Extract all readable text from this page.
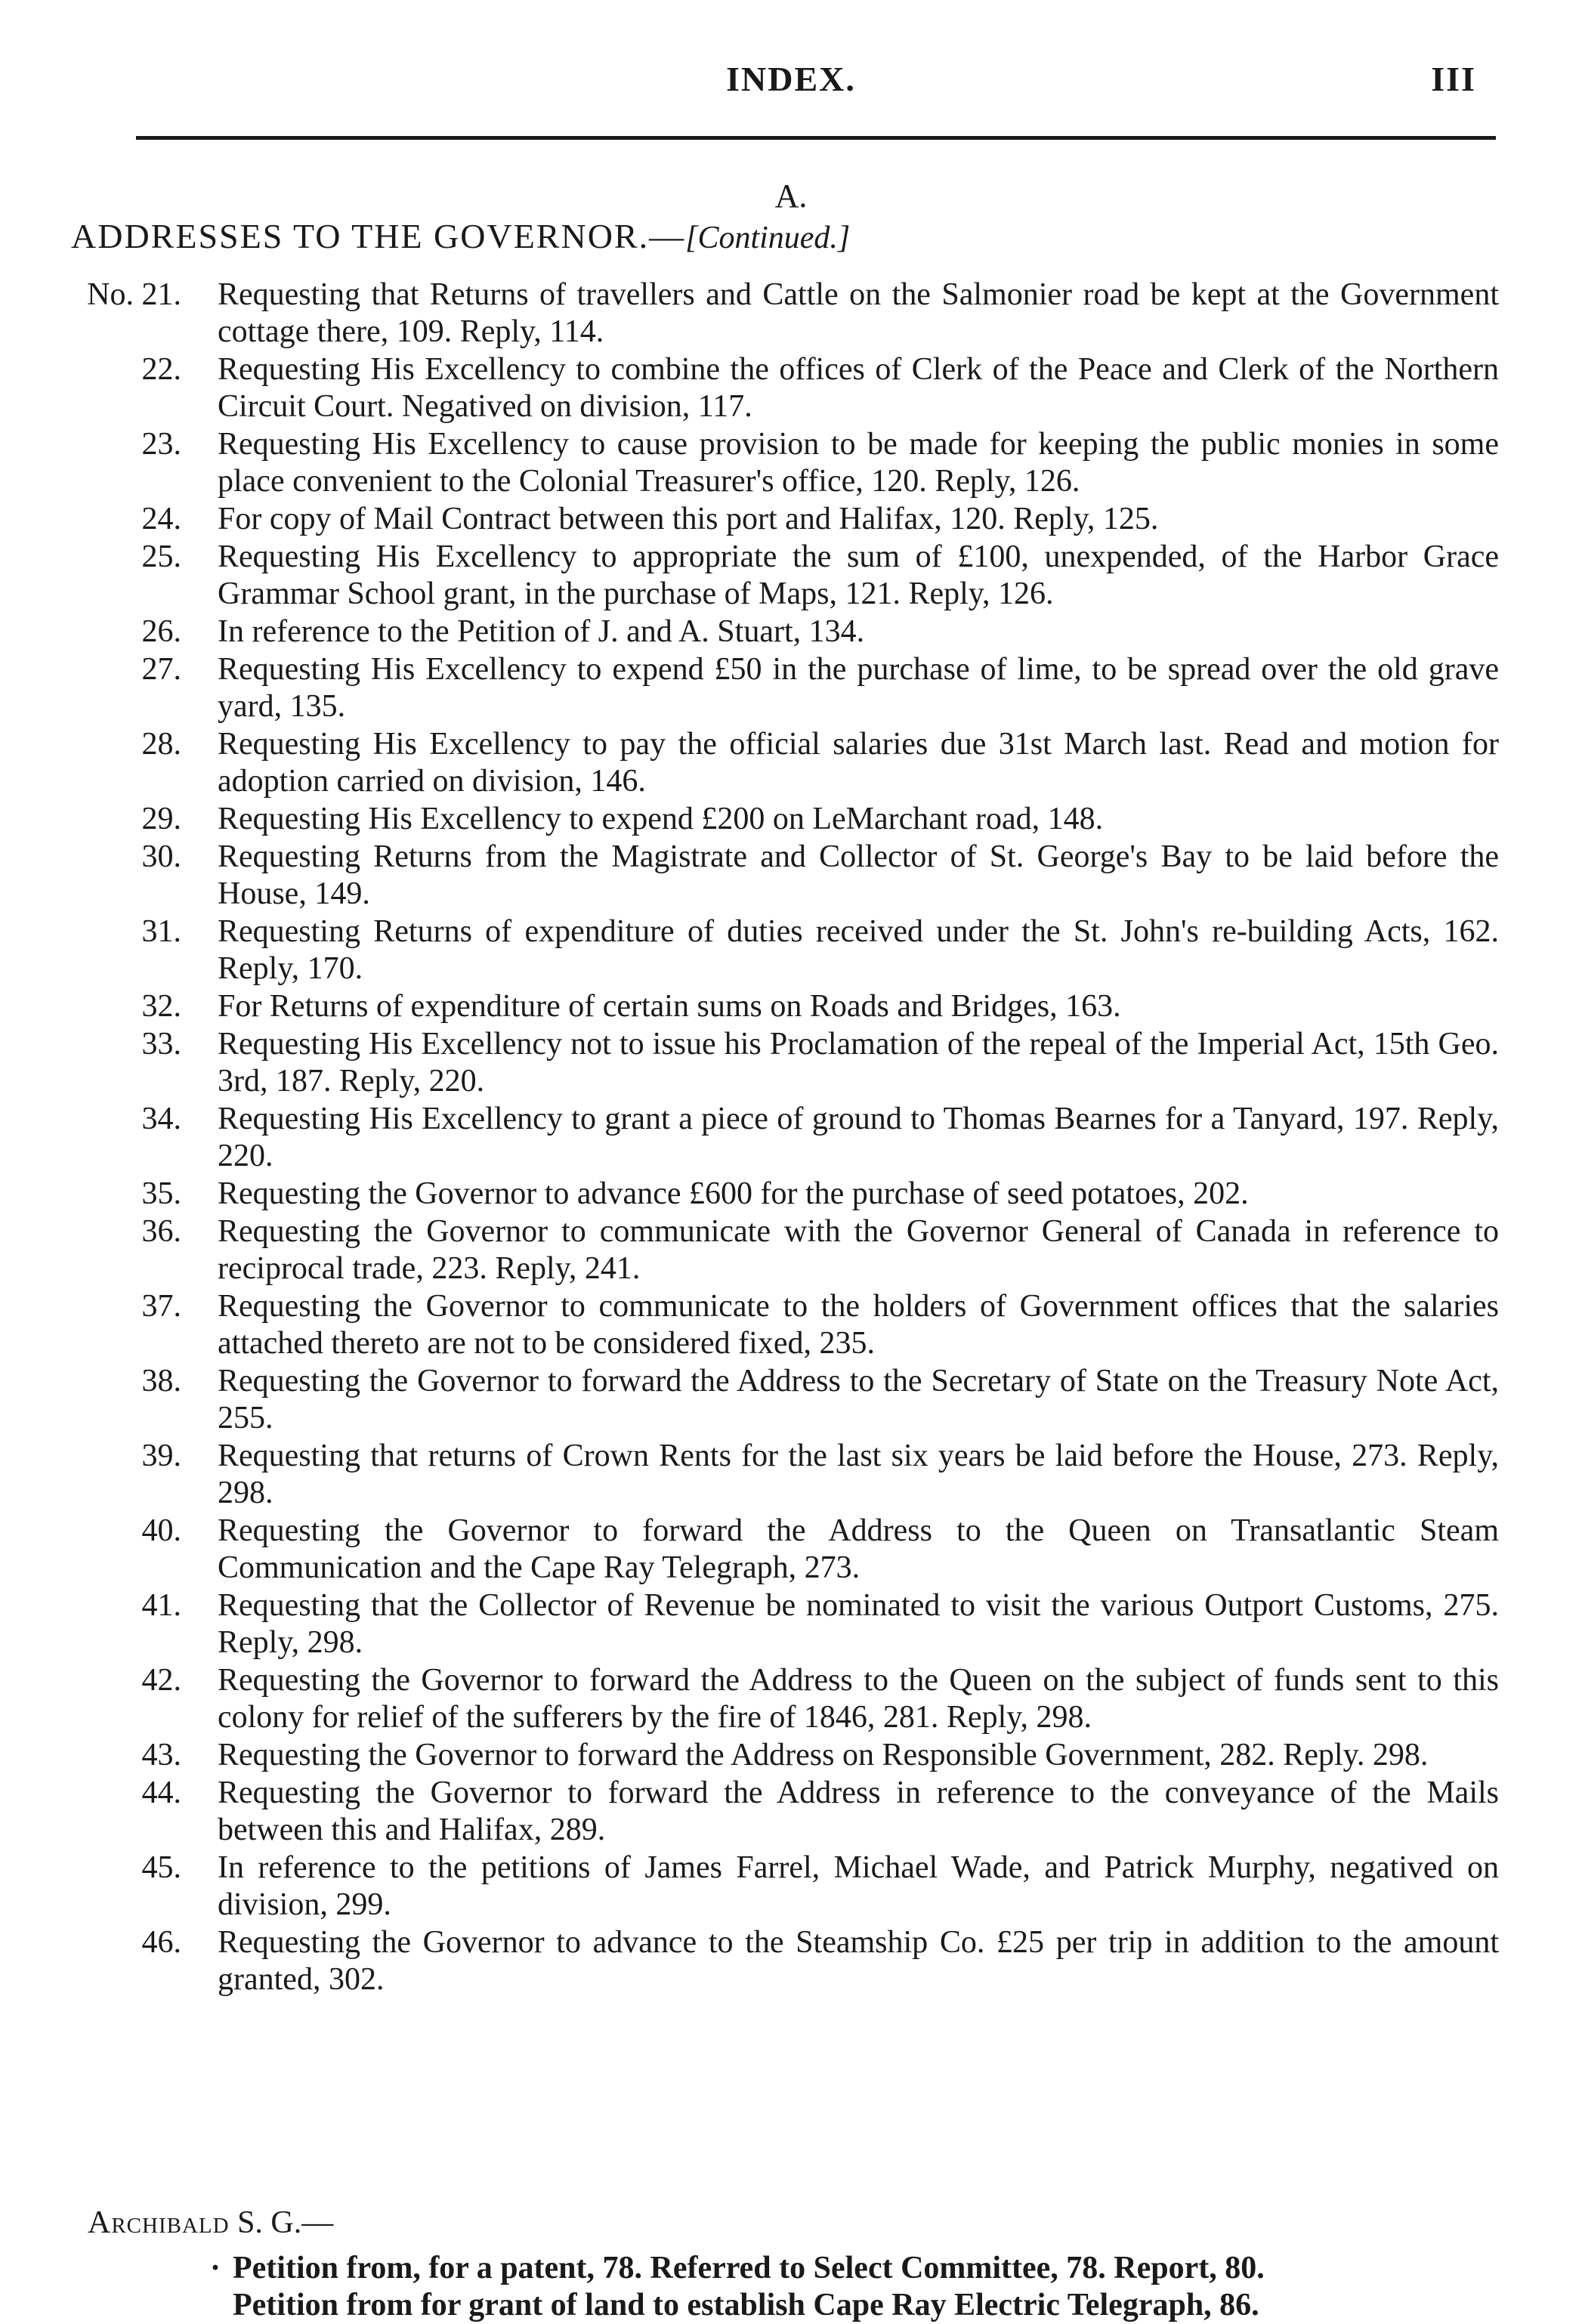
INDEX.	III
A.
ADDRESSES TO THE GOVERNOR.—[Continued.]
No. 21. Requesting that Returns of travellers and Cattle on the Salmonier road be kept at the Government cottage there, 109. Reply, 114.
22. Requesting His Excellency to combine the offices of Clerk of the Peace and Clerk of the Northern Circuit Court. Negatived on division, 117.
23. Requesting His Excellency to cause provision to be made for keeping the public monies in some place convenient to the Colonial Treasurer's office, 120. Reply, 126.
24. For copy of Mail Contract between this port and Halifax, 120. Reply, 125.
25. Requesting His Excellency to appropriate the sum of £100, unexpended, of the Harbor Grace Grammar School grant, in the purchase of Maps, 121. Reply, 126.
26. In reference to the Petition of J. and A. Stuart, 134.
27. Requesting His Excellency to expend £50 in the purchase of lime, to be spread over the old grave yard, 135.
28. Requesting His Excellency to pay the official salaries due 31st March last. Read and motion for adoption carried on division, 146.
29. Requesting His Excellency to expend £200 on LeMarchant road, 148.
30. Requesting Returns from the Magistrate and Collector of St. George's Bay to be laid before the House, 149.
31. Requesting Returns of expenditure of duties received under the St. John's re-building Acts, 162. Reply, 170.
32. For Returns of expenditure of certain sums on Roads and Bridges, 163.
33. Requesting His Excellency not to issue his Proclamation of the repeal of the Imperial Act, 15th Geo. 3rd, 187. Reply, 220.
34. Requesting His Excellency to grant a piece of ground to Thomas Bearnes for a Tanyard, 197. Reply, 220.
35. Requesting the Governor to advance £600 for the purchase of seed potatoes, 202.
36. Requesting the Governor to communicate with the Governor General of Canada in reference to reciprocal trade, 223. Reply, 241.
37. Requesting the Governor to communicate to the holders of Government offices that the salaries attached thereto are not to be considered fixed, 235.
38. Requesting the Governor to forward the Address to the Secretary of State on the Treasury Note Act, 255.
39. Requesting that returns of Crown Rents for the last six years be laid before the House, 273. Reply, 298.
40. Requesting the Governor to forward the Address to the Queen on Transatlantic Steam Communication and the Cape Ray Telegraph, 273.
41. Requesting that the Collector of Revenue be nominated to visit the various Outport Customs, 275. Reply, 298.
42. Requesting the Governor to forward the Address to the Queen on the subject of funds sent to this colony for relief of the sufferers by the fire of 1846, 281. Reply, 298.
43. Requesting the Governor to forward the Address on Responsible Government, 282. Reply. 298.
44. Requesting the Governor to forward the Address in reference to the conveyance of the Mails between this and Halifax, 289.
45. In reference to the petitions of James Farrel, Michael Wade, and Patrick Murphy, negatived on division, 299.
46. Requesting the Governor to advance to the Steamship Co. £25 per trip in addition to the amount granted, 302.
Archibald S. G.—
· Petition from, for a patent, 78. Referred to Select Committee, 78. Report, 80.
Petition from for grant of land to establish Cape Ray Electric Telegraph, 86.
